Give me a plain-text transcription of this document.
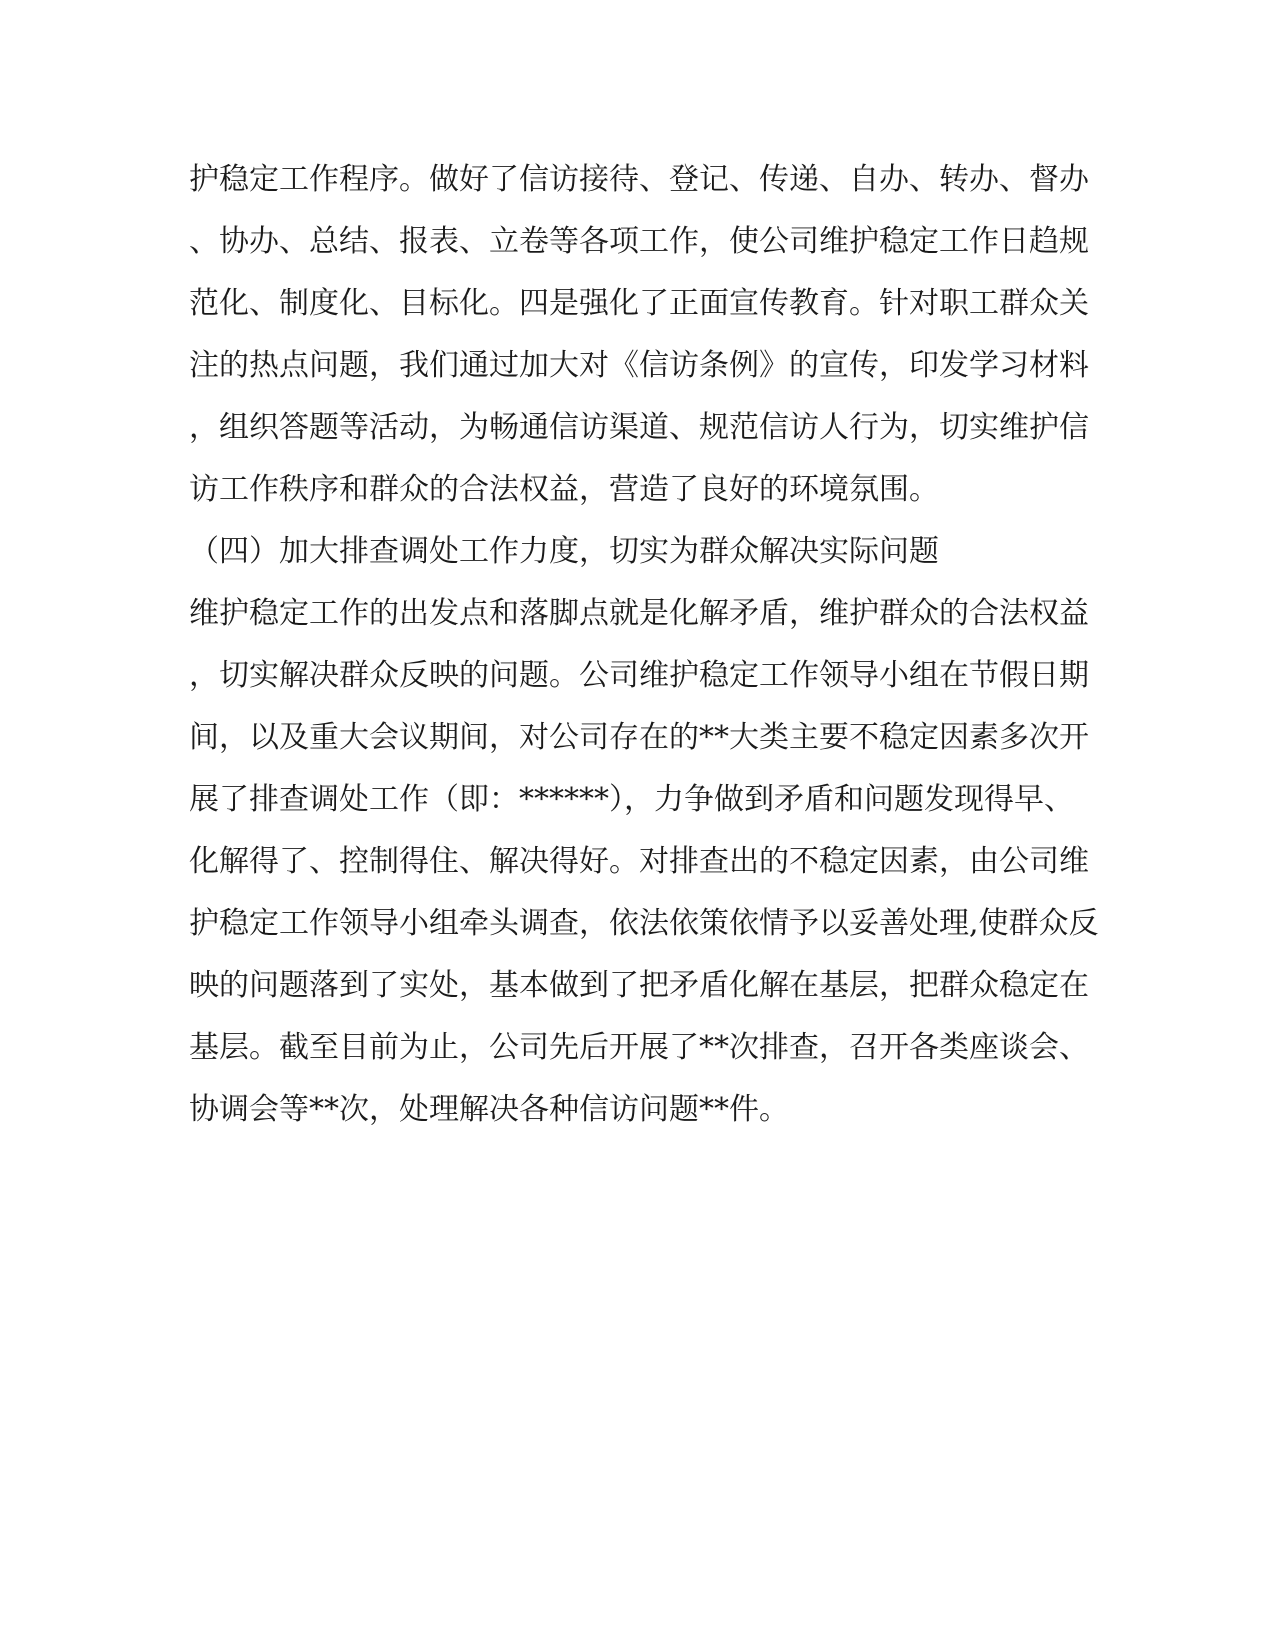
护稳定工作程序。做好了信访接待、登记、传递、自办、转办、督办
、协办、总结、报表、立卷等各项工作，使公司维护稳定工作日趋规
范化、制度化、目标化。四是强化了正面宣传教育。针对职工群众关
注的热点问题，我们通过加大对《信访条例》的宣传，印发学习材料
，组织答题等活动，为畅通信访渠道、规范信访人行为，切实维护信
访工作秩序和群众的合法权益，营造了良好的环境氛围。
（四）加大排查调处工作力度，切实为群众解决实际问题
维护稳定工作的出发点和落脚点就是化解矛盾，维护群众的合法权益
，切实解决群众反映的问题。公司维护稳定工作领导小组在节假日期
间，以及重大会议期间，对公司存在的**大类主要不稳定因素多次开
展了排查调处工作（即：******），力争做到矛盾和问题发现得早、
化解得了、控制得住、解决得好。对排查出的不稳定因素，由公司维
护稳定工作领导小组牵头调查，依法依策依情予以妥善处理,使群众反
映的问题落到了实处，基本做到了把矛盾化解在基层，把群众稳定在
基层。截至目前为止，公司先后开展了**次排查，召开各类座谈会、
协调会等**次，处理解决各种信访问题**件。
